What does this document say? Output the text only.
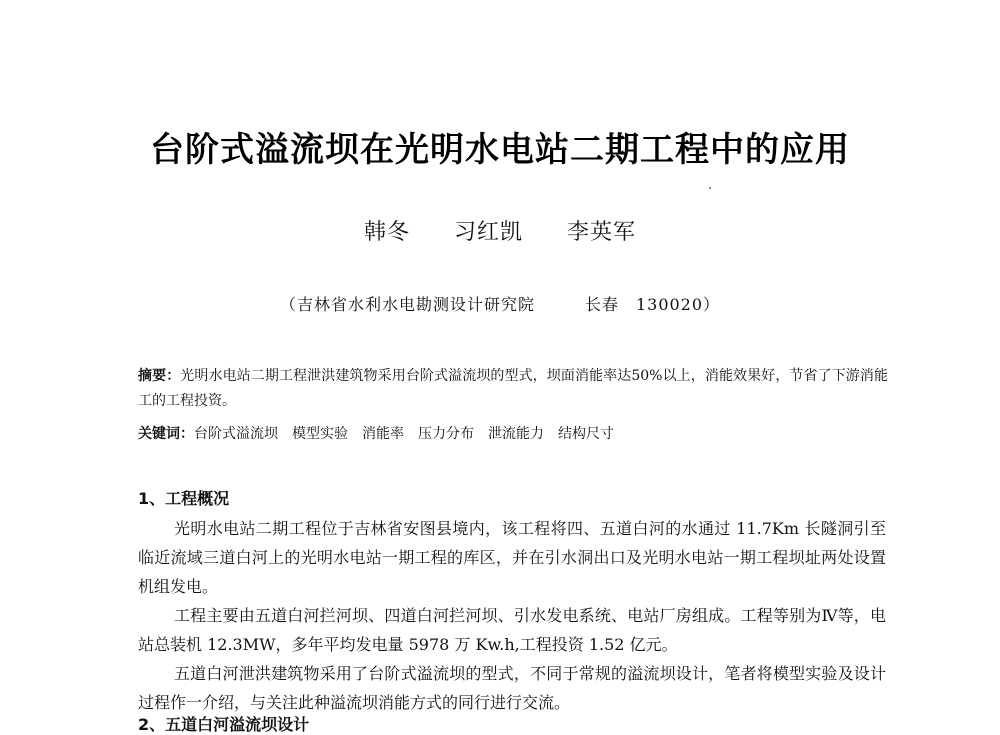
台阶式溢流坝在光明水电站二期工程中的应用
韩冬 习红凯 李英军
（吉林省水利水电勘测设计研究院	长春　130020）
摘要：光明水电站二期工程泄洪建筑物采用台阶式溢流坝的型式，坝面消能率达50%以上，消能效果好，节省了下游消能工的工程投资。
关键词：台阶式溢流坝 模型实验 消能率 压力分布 泄流能力 结构尺寸
1、工程概况

光明水电站二期工程位于吉林省安图县境内，该工程将四、五道白河的水通过 11.7Km 长隧洞引至临近流域三道白河上的光明水电站一期工程的库区，并在引水洞出口及光明水电站一期工程坝址两处设置机组发电。

工程主要由五道白河拦河坝、四道白河拦河坝、引水发电系统、电站厂房组成。工程等别为Ⅳ等，电站总装机 12.3MW，多年平均发电量 5978 万 Kw.h,工程投资 1.52 亿元。

五道白河泄洪建筑物采用了台阶式溢流坝的型式，不同于常规的溢流坝设计，笔者将模型实验及设计过程作一介绍，与关注此种溢流坝消能方式的同行进行交流。

2、五道白河溢流坝设计
